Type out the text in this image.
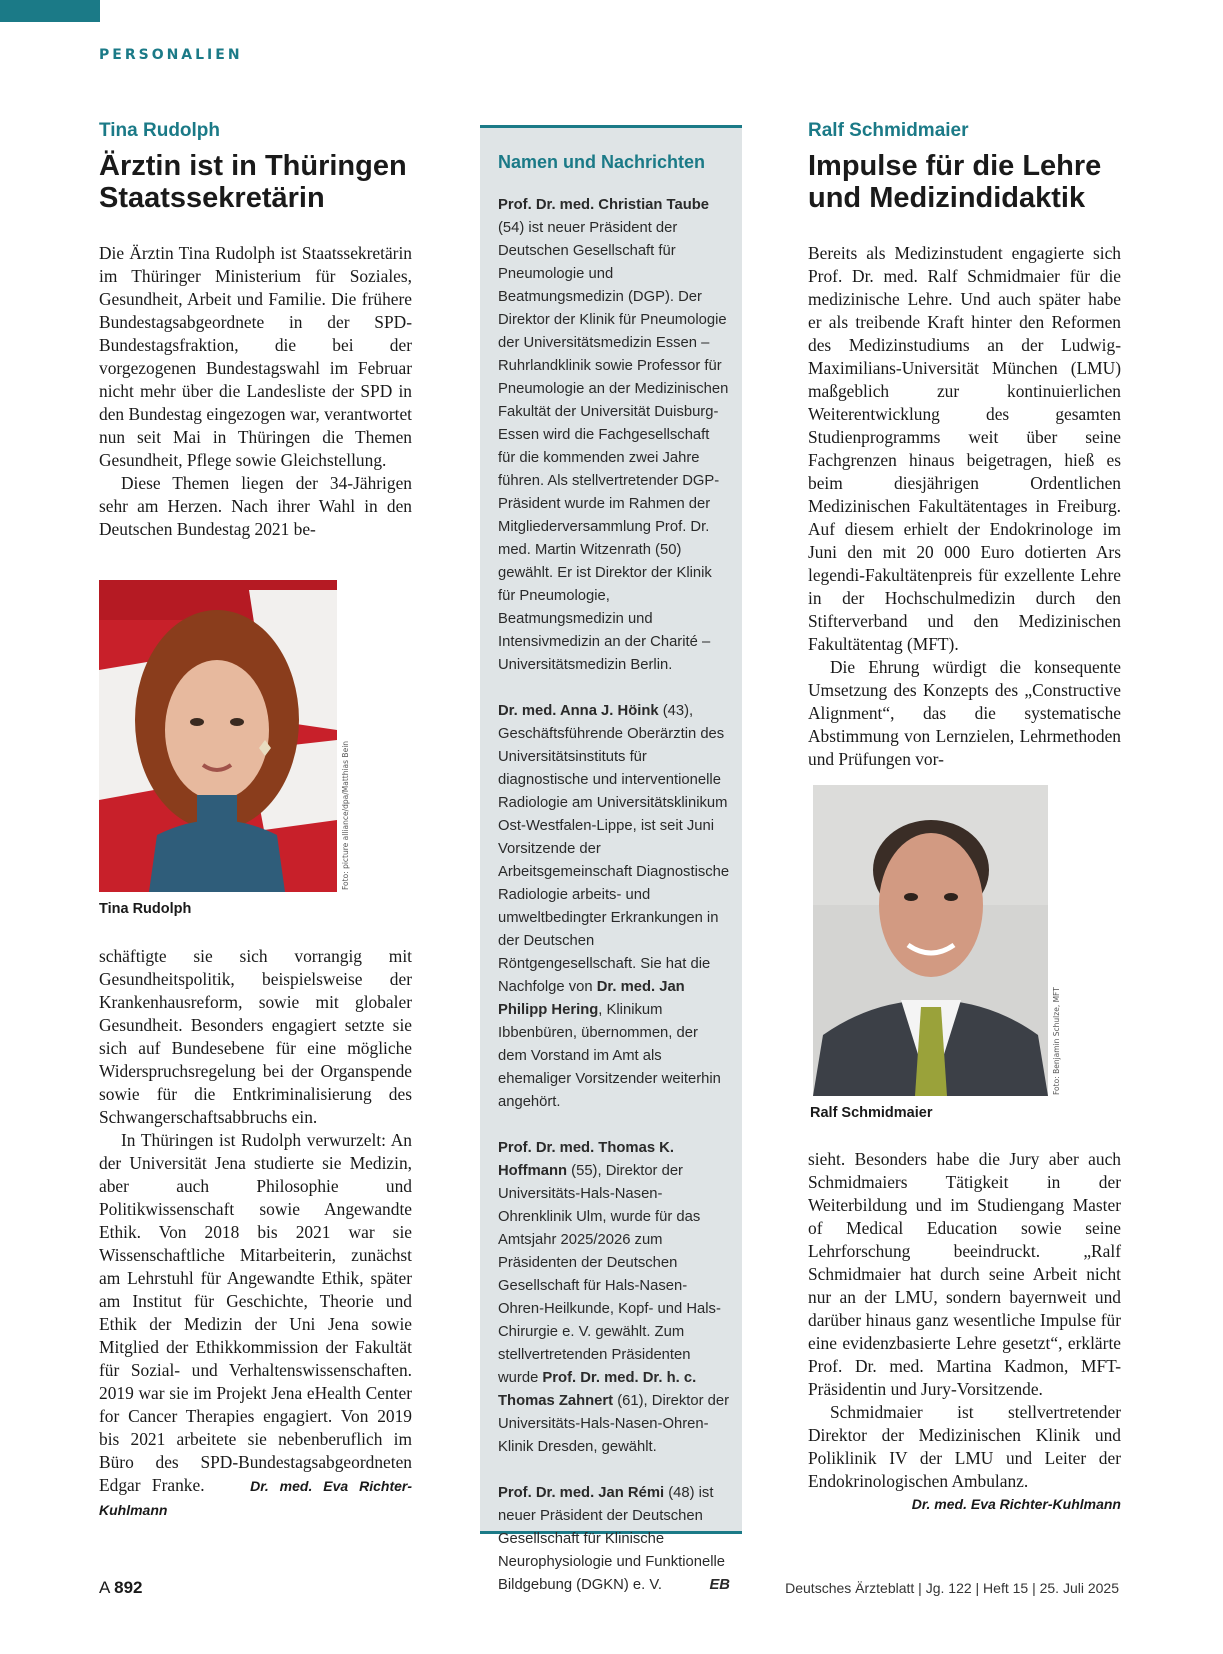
PERSONALIEN
Tina Rudolph
Ärztin ist in Thüringen
Staatssekretärin

Die Ärztin Tina Rudolph ist Staatssekretärin im Thüringer Ministerium für Soziales, Gesundheit, Arbeit und Familie. Die frühere Bundestagsabgeordnete in der SPD-Bundestagsfraktion, die bei der vorgezogenen Bundestagswahl im Februar nicht mehr über die Landesliste der SPD in den Bundestag eingezogen war, verantwortet nun seit Mai in Thüringen die Themen Gesundheit, Pflege sowie Gleichstellung.

Diese Themen liegen der 34-Jährigen sehr am Herzen. Nach ihrer Wahl in den Deutschen Bundestag 2021 be-

Foto: picture alliance/dpa/Matthias Bein
Tina Rudolph

schäftigte sie sich vorrangig mit Gesundheitspolitik, beispielsweise der Krankenhausreform, sowie mit globaler Gesundheit. Besonders engagiert setzte sie sich auf Bundesebene für eine mögliche Widerspruchsregelung bei der Organspende sowie für die Entkriminalisierung des Schwangerschaftsabbruchs ein.

In Thüringen ist Rudolph verwurzelt: An der Universität Jena studierte sie Medizin, aber auch Philosophie und Politikwissenschaft sowie Angewandte Ethik. Von 2018 bis 2021 war sie Wissenschaftliche Mitarbeiterin, zunächst am Lehrstuhl für Angewandte Ethik, später am Institut für Geschichte, Theorie und Ethik der Medizin der Uni Jena sowie Mitglied der Ethikkommission der Fakultät für Sozial- und Verhaltenswissenschaften. 2019 war sie im Projekt Jena eHealth Center for Cancer Therapies engagiert. Von 2019 bis 2021 arbeitete sie nebenberuflich im Büro des SPD-Bundestagsabgeordneten Edgar Franke.	Dr. med. Eva Richter-Kuhlmann

Namen und Nachrichten

Prof. Dr. med. Christian Taube (54) ist neuer Präsident der Deutschen Gesellschaft für Pneumologie und Beatmungsmedizin (DGP). Der Direktor der Klinik für Pneumologie der Universitätsmedizin Essen – Ruhrlandklinik sowie Professor für Pneumologie an der Medizinischen Fakultät der Universität Duisburg-Essen wird die Fachgesellschaft für die kommenden zwei Jahre führen. Als stellvertretender DGP-Präsident wurde im Rahmen der Mitgliederversammlung Prof. Dr. med. Martin Witzenrath (50) gewählt. Er ist Direktor der Klinik für Pneumologie, Beatmungsmedizin und Intensivmedizin an der Charité – Universitätsmedizin Berlin.

Dr. med. Anna J. Höink (43), Geschäftsführende Oberärztin des Universitätsinstituts für diagnostische und interventionelle Radiologie am Universitätsklinikum Ost-Westfalen-Lippe, ist seit Juni Vorsitzende der Arbeitsgemeinschaft Diagnostische Radiologie arbeits- und umweltbedingter Erkrankungen in der Deutschen Röntgengesellschaft. Sie hat die Nachfolge von Dr. med. Jan Philipp Hering, Klinikum Ibbenbüren, übernommen, der dem Vorstand im Amt als ehemaliger Vorsitzender weiterhin angehört.

Prof. Dr. med. Thomas K. Hoffmann (55), Direktor der Universitäts-Hals-Nasen-Ohrenklinik Ulm, wurde für das Amtsjahr 2025/2026 zum Präsidenten der Deutschen Gesellschaft für Hals-Nasen-Ohren-Heilkunde, Kopf- und Hals-Chirurgie e. V. gewählt. Zum stellvertretenden Präsidenten wurde Prof. Dr. med. Dr. h. c. Thomas Zahnert (61), Direktor der Universitäts-Hals-Nasen-Ohren-Klinik Dresden, gewählt.

Prof. Dr. med. Jan Rémi (48) ist neuer Präsident der Deutschen Gesellschaft für Klinische Neurophysiologie und Funktionelle Bildgebung (DGKN) e. V.	EB

Ralf Schmidmaier
Impulse für die Lehre
und Medizindidaktik

Bereits als Medizinstudent engagierte sich Prof. Dr. med. Ralf Schmidmaier für die medizinische Lehre. Und auch später habe er als treibende Kraft hinter den Reformen des Medizinstudiums an der Ludwig-Maximilians-Universität München (LMU) maßgeblich zur kontinuierlichen Weiterentwicklung des gesamten Studienprogramms weit über seine Fachgrenzen hinaus beigetragen, hieß es beim diesjährigen Ordentlichen Medizinischen Fakultätentages in Freiburg. Auf diesem erhielt der Endokrinologe im Juni den mit 20 000 Euro dotierten Ars legendi-Fakultätenpreis für exzellente Lehre in der Hochschulmedizin durch den Stifterverband und den Medizinischen Fakultätentag (MFT).

Die Ehrung würdigt die konsequente Umsetzung des Konzepts des „Constructive Alignment“, das die systematische Abstimmung von Lernzielen, Lehrmethoden und Prüfungen vor-

Foto: Benjamin Schulze, MFT
Ralf Schmidmaier

sieht. Besonders habe die Jury aber auch Schmidmaiers Tätigkeit in der Weiterbildung und im Studiengang Master of Medical Education sowie seine Lehrforschung beeindruckt. „Ralf Schmidmaier hat durch seine Arbeit nicht nur an der LMU, sondern bayernweit und darüber hinaus ganz wesentliche Impulse für eine evidenzbasierte Lehre gesetzt“, erklärte Prof. Dr. med. Martina Kadmon, MFT-Präsidentin und Jury-Vorsitzende.

Schmidmaier ist stellvertretender Direktor der Medizinischen Klinik und Poliklinik IV der LMU und Leiter der Endokrinologischen Ambulanz.

Dr. med. Eva Richter-Kuhlmann
A 892	Deutsches Ärzteblatt | Jg. 122 | Heft 15 | 25. Juli 2025
